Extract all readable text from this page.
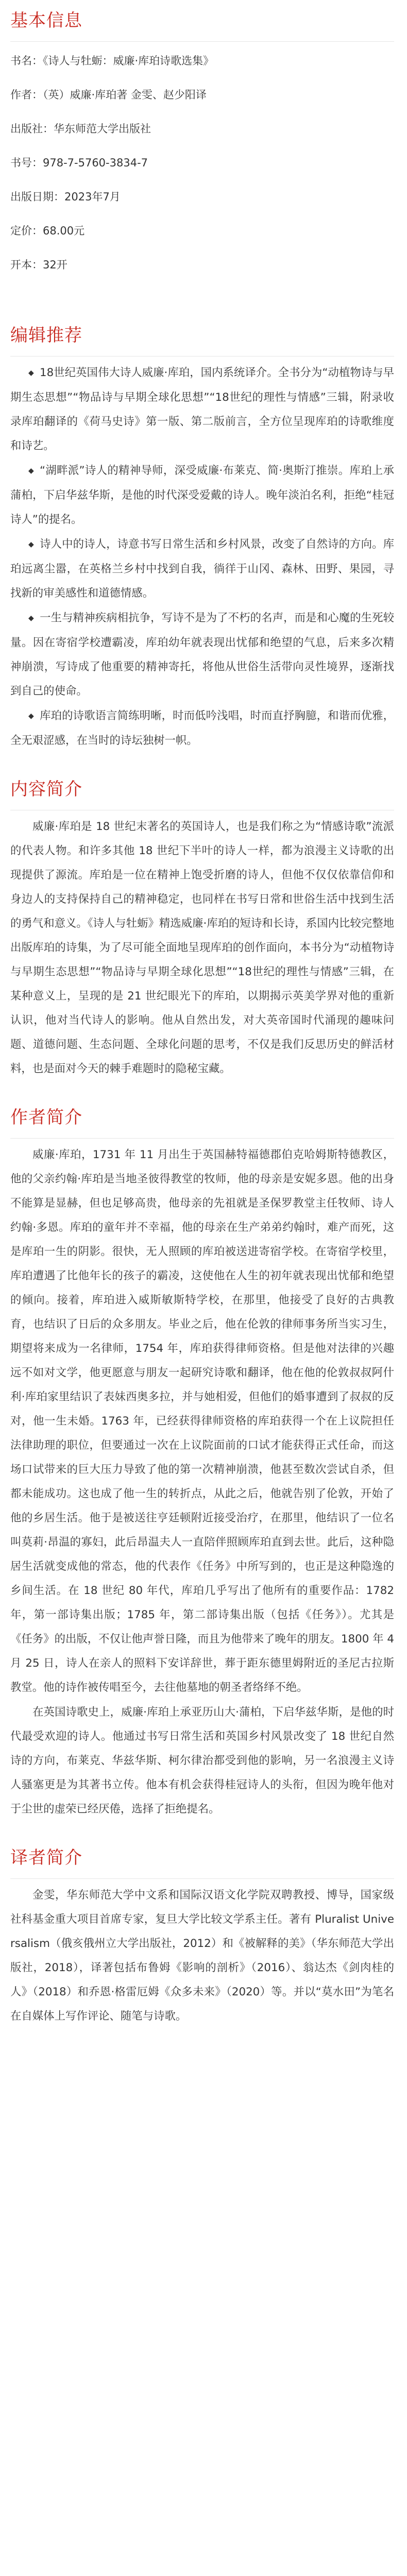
基本信息
书名：《诗人与牡蛎：威廉·库珀诗歌选集》
作者：（英）威廉·库珀著 金雯、赵少阳译
出版社：华东师范大学出版社
书号：978-7-5760-3834-7
出版日期：2023年7月
定价：68.00元
开本：32开
编辑推荐

◆ 18世纪英国伟大诗人威廉·库珀，国内系统译介。全书分为“动植物诗与早期生态思想”“物品诗与早期全球化思想”“18世纪的理性与情感”三辑，附录收录库珀翻译的《荷马史诗》第一版、第二版前言，全方位呈现库珀的诗歌维度和诗艺。

◆ “湖畔派”诗人的精神导师，深受威廉·布莱克、简·奥斯汀推崇。库珀上承蒲柏，下启华兹华斯，是他的时代深受爱戴的诗人。晚年淡泊名利，拒绝“桂冠诗人”的提名。

◆ 诗人中的诗人，诗意书写日常生活和乡村风景，改变了自然诗的方向。库珀远离尘嚣，在英格兰乡村中找到自我，徜徉于山冈、森林、田野、果园，寻找新的审美感性和道德情感。

◆ 一生与精神疾病相抗争，写诗不是为了不朽的名声，而是和心魔的生死较量。因在寄宿学校遭霸凌，库珀幼年就表现出忧郁和绝望的气息，后来多次精神崩溃，写诗成了他重要的精神寄托，将他从世俗生活带向灵性境界，逐渐找到自己的使命。

◆ 库珀的诗歌语言简练明晰，时而低吟浅唱，时而直抒胸臆，和谐而优雅，全无艰涩感，在当时的诗坛独树一帜。

内容简介

威廉·库珀是 18 世纪末著名的英国诗人，也是我们称之为“情感诗歌”流派的代表人物。和许多其他 18 世纪下半叶的诗人一样，都为浪漫主义诗歌的出现提供了源流。库珀是一位在精神上饱受折磨的诗人，但他不仅仅依靠信仰和身边人的支持保持自己的精神稳定，也同样在书写日常和世俗生活中找到生活的勇气和意义。《诗人与牡蛎》精选威廉·库珀的短诗和长诗，系国内比较完整地出版库珀的诗集，为了尽可能全面地呈现库珀的创作面向，本书分为“动植物诗与早期生态思想”“物品诗与早期全球化思想”“18世纪的理性与情感”三辑，在某种意义上，呈现的是 21 世纪眼光下的库珀，以期揭示英美学界对他的重新认识，他对当代诗人的影响。他从自然出发，对大英帝国时代涌现的趣味问题、道德问题、生态问题、全球化问题的思考，不仅是我们反思历史的鲜活材料，也是面对今天的棘手难题时的隐秘宝藏。

作者简介

威廉·库珀，1731 年 11 月出生于英国赫特福德郡伯克哈姆斯特德教区，他的父亲约翰·库珀是当地圣彼得教堂的牧师，他的母亲是安妮多恩。他的出身不能算是显赫，但也足够高贵，他母亲的先祖就是圣保罗教堂主任牧师、诗人约翰·多恩。库珀的童年并不幸福，他的母亲在生产弟弟约翰时，难产而死，这是库珀一生的阴影。很快，无人照顾的库珀被送进寄宿学校。在寄宿学校里，库珀遭遇了比他年长的孩子的霸凌，这使他在人生的初年就表现出忧郁和绝望的倾向。接着，库珀进入威斯敏斯特学校，在那里，他接受了良好的古典教育，也结识了日后的众多朋友。毕业之后，他在伦敦的律师事务所当实习生，期望将来成为一名律师，1754 年，库珀获得律师资格。但是他对法律的兴趣远不如对文学，他更愿意与朋友一起研究诗歌和翻译，他在他的伦敦叔叔阿什利·库珀家里结识了表妹西奥多拉，并与她相爱，但他们的婚事遭到了叔叔的反对，他一生未婚。1763 年，已经获得律师资格的库珀获得一个在上议院担任法律助理的职位，但要通过一次在上议院面前的口试才能获得正式任命，而这场口试带来的巨大压力导致了他的第一次精神崩溃，他甚至数次尝试自杀，但都未能成功。这也成了他一生的转折点，从此之后，他就告别了伦敦，开始了他的乡居生活。他于是被送往亨廷顿附近接受治疗，在那里，他结识了一位名叫莫莉·昂温的寡妇，此后昂温夫人一直陪伴照顾库珀直到去世。此后，这种隐居生活就变成他的常态，他的代表作《任务》中所写到的，也正是这种隐逸的乡间生活。在 18 世纪 80 年代，库珀几乎写出了他所有的重要作品：1782 年，第一部诗集出版；1785 年，第二部诗集出版（包括《任务》）。尤其是《任务》的出版，不仅让他声誉日隆，而且为他带来了晚年的朋友。1800 年 4 月 25 日，诗人在亲人的照料下安详辞世，葬于距东德里姆附近的圣尼古拉斯教堂。他的诗作被传唱至今，去往他墓地的朝圣者络绎不绝。

在英国诗歌史上，威廉·库珀上承亚历山大·蒲柏，下启华兹华斯，是他的时代最受欢迎的诗人。他通过书写日常生活和英国乡村风景改变了 18 世纪自然诗的方向，布莱克、华兹华斯、柯尔律治都受到他的影响，另一名浪漫主义诗人骚塞更是为其著书立传。他本有机会获得桂冠诗人的头衔，但因为晚年他对于尘世的虚荣已经厌倦，选择了拒绝提名。

译者简介

金雯，华东师范大学中文系和国际汉语文化学院双聘教授、博导，国家级社科基金重大项目首席专家，复旦大学比较文学系主任。著有 Pluralist Universalism（俄亥俄州立大学出版社，2012）和《被解释的美》（华东师范大学出版社，2018），译著包括布鲁姆《影响的剖析》（2016）、翁达杰《剑肉桂的人》（2018）和乔恩·格雷厄姆《众多未来》（2020）等。并以“莫水田”为笔名在自媒体上写作评论、随笔与诗歌。
